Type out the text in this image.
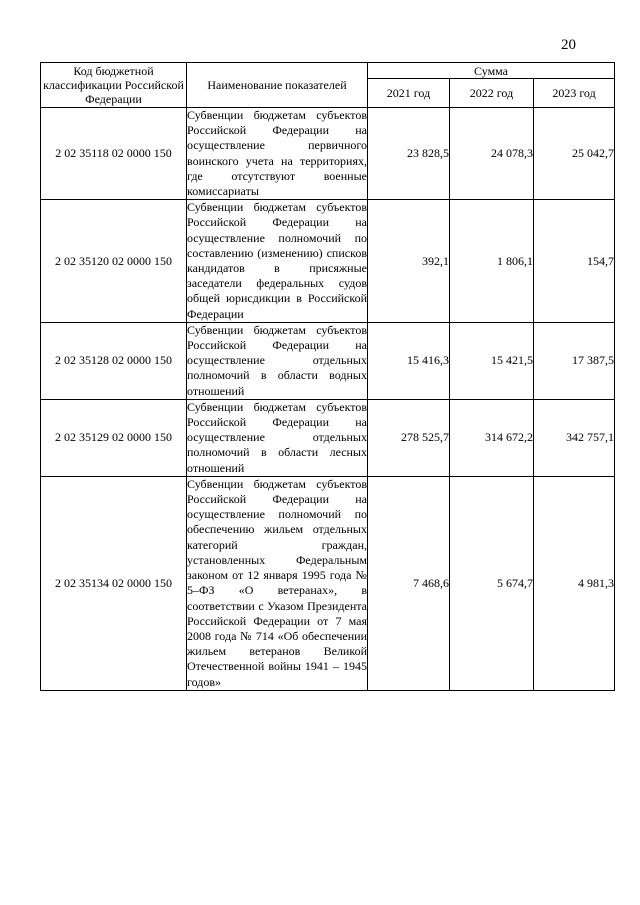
20
Код бюджетной классификации Российской Федерации	Наименование показателей	Сумма		
		2021 год	2022 год	2023 год
2 02 35118 02 0000 150	Субвенции бюджетам субъектов Российской Федерации на осуществление первичного воинского учета на территориях, где отсутствуют военные комиссариаты	23 828,5	24 078,3	25 042,7
2 02 35120 02 0000 150	Субвенции бюджетам субъектов Российской Федерации на осуществление полномочий по составлению (изменению) списков кандидатов в присяжные заседатели федеральных судов общей юрисдикции в Российской Федерации	392,1	1 806,1	154,7
2 02 35128 02 0000 150	Субвенции бюджетам субъектов Российской Федерации на осуществление отдельных полномочий в области водных отношений	15 416,3	15 421,5	17 387,5
2 02 35129 02 0000 150	Субвенции бюджетам субъектов Российской Федерации на осуществление отдельных полномочий в области лесных отношений	278 525,7	314 672,2	342 757,1
2 02 35134 02 0000 150	Субвенции бюджетам субъектов Российской Федерации на осуществление полномочий по обеспечению жильем отдельных категорий граждан, установленных Федеральным законом от 12 января 1995 года № 5–ФЗ «О ветеранах», в соответствии с Указом Президента Российской Федерации от 7 мая 2008 года № 714 «Об обеспечении жильем ветеранов Великой Отечественной войны 1941 – 1945 годов»	7 468,6	5 674,7	4 981,3
